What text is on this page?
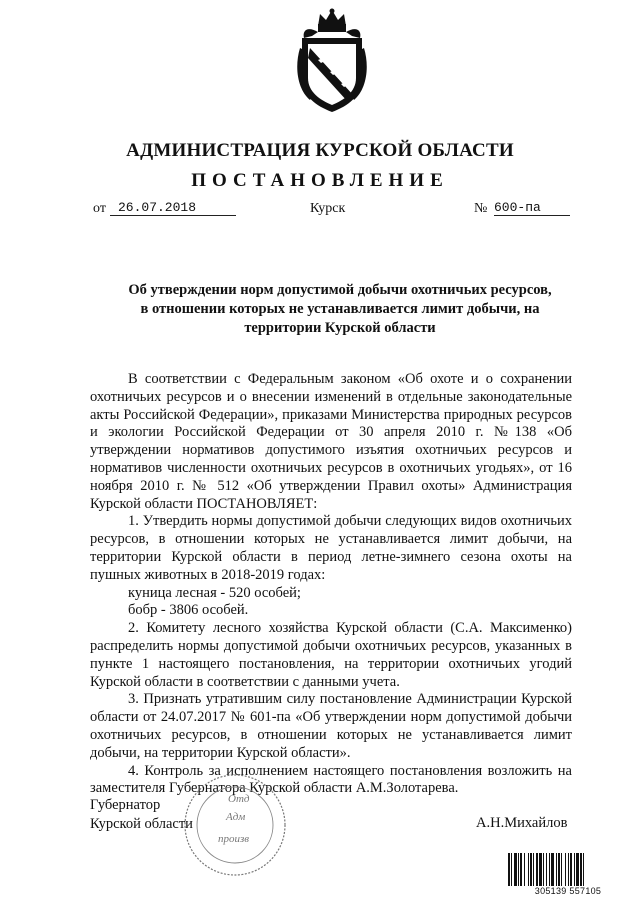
АДМИНИСТРАЦИЯ КУРСКОЙ ОБЛАСТИ
ПОСТАНОВЛЕНИЕ
от 26.07.2018	Курск	№ 600-па
Об утверждении норм допустимой добычи охотничьих ресурсов,
в отношении которых не устанавливается лимит добычи, на
территории Курской области

В соответствии с Федеральным законом «Об охоте и о сохранении охотничьих ресурсов и о внесении изменений в отдельные законодательные акты Российской Федерации», приказами Министерства природных ресурсов и экологии Российской Федерации от 30 апреля 2010 г. №138 «Об утверждении нормативов допустимого изъятия охотничьих ресурсов и нормативов численности охотничьих ресурсов в охотничьих угодьях», от 16 ноября 2010 г. № 512 «Об утверждении Правил охоты» Администрация Курской области ПОСТАНОВЛЯЕТ:

1. Утвердить нормы допустимой добычи следующих видов охотничьих ресурсов, в отношении которых не устанавливается лимит добычи, на территории Курской области в период летне-зимнего сезона охоты на пушных животных в 2018-2019 годах:

куница лесная - 520 особей;
бобр - 3806 особей.

2. Комитету лесного хозяйства Курской области (С.А. Максименко) распределить нормы допустимой добычи охотничьих ресурсов, указанных в пункте 1 настоящего постановления, на территории охотничьих угодий Курской области в соответствии с данными учета.

3. Признать утратившим силу постановление Администрации Курской области от 24.07.2017 № 601-па «Об утверждении норм допустимой добычи охотничьих ресурсов, в отношении которых не устанавливается лимит добычи, на территории Курской области».

4. Контроль за исполнением настоящего постановления возложить на заместителя Губернатора Курской области А.М.Золотарева.

Губернатор
Курской области
Отд
Адм
произв
А.Н.Михайлов
305139 557105
